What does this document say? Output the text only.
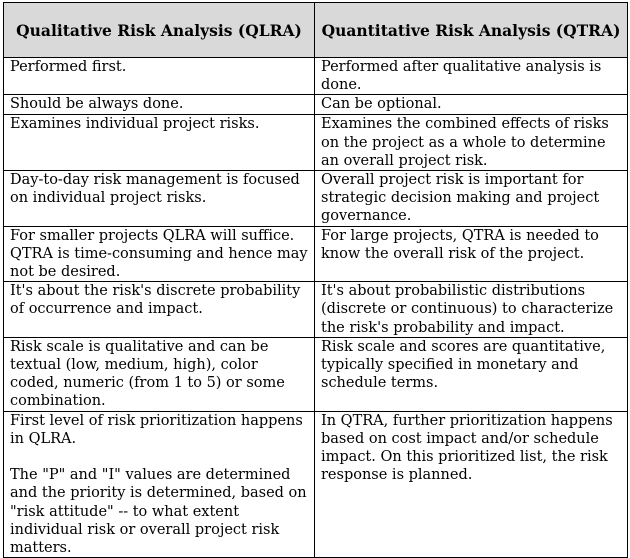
Qualitative Risk Analysis (QLRA)	Quantitative Risk Analysis (QTRA)
Performed first.	Performed after qualitative analysis is done.
Should be always done.	Can be optional.
Examines individual project risks.	Examines the combined effects of risks on the project as a whole to determine an overall project risk.
Day-to-day risk management is focused on individual project risks.	Overall project risk is important for strategic decision making and project governance.
For smaller projects QLRA will suffice. QTRA is time-consuming and hence may not be desired.	For large projects, QTRA is needed to know the overall risk of the project.
It's about the risk's discrete probability of occurrence and impact.	It's about probabilistic distributions (discrete or continuous) to characterize the risk's probability and impact.
Risk scale is qualitative and can be textual (low, medium, high), color coded, numeric (from 1 to 5) or some combination.	Risk scale and scores are quantitative, typically specified in monetary and schedule terms.
First level of risk prioritization happens in QLRA.

The "P" and "I" values are determined and the priority is determined, based on "risk attitude" -- to what extent individual risk or overall project risk matters.	In QTRA, further prioritization happens based on cost impact and/or schedule impact. On this prioritized list, the risk response is planned.
